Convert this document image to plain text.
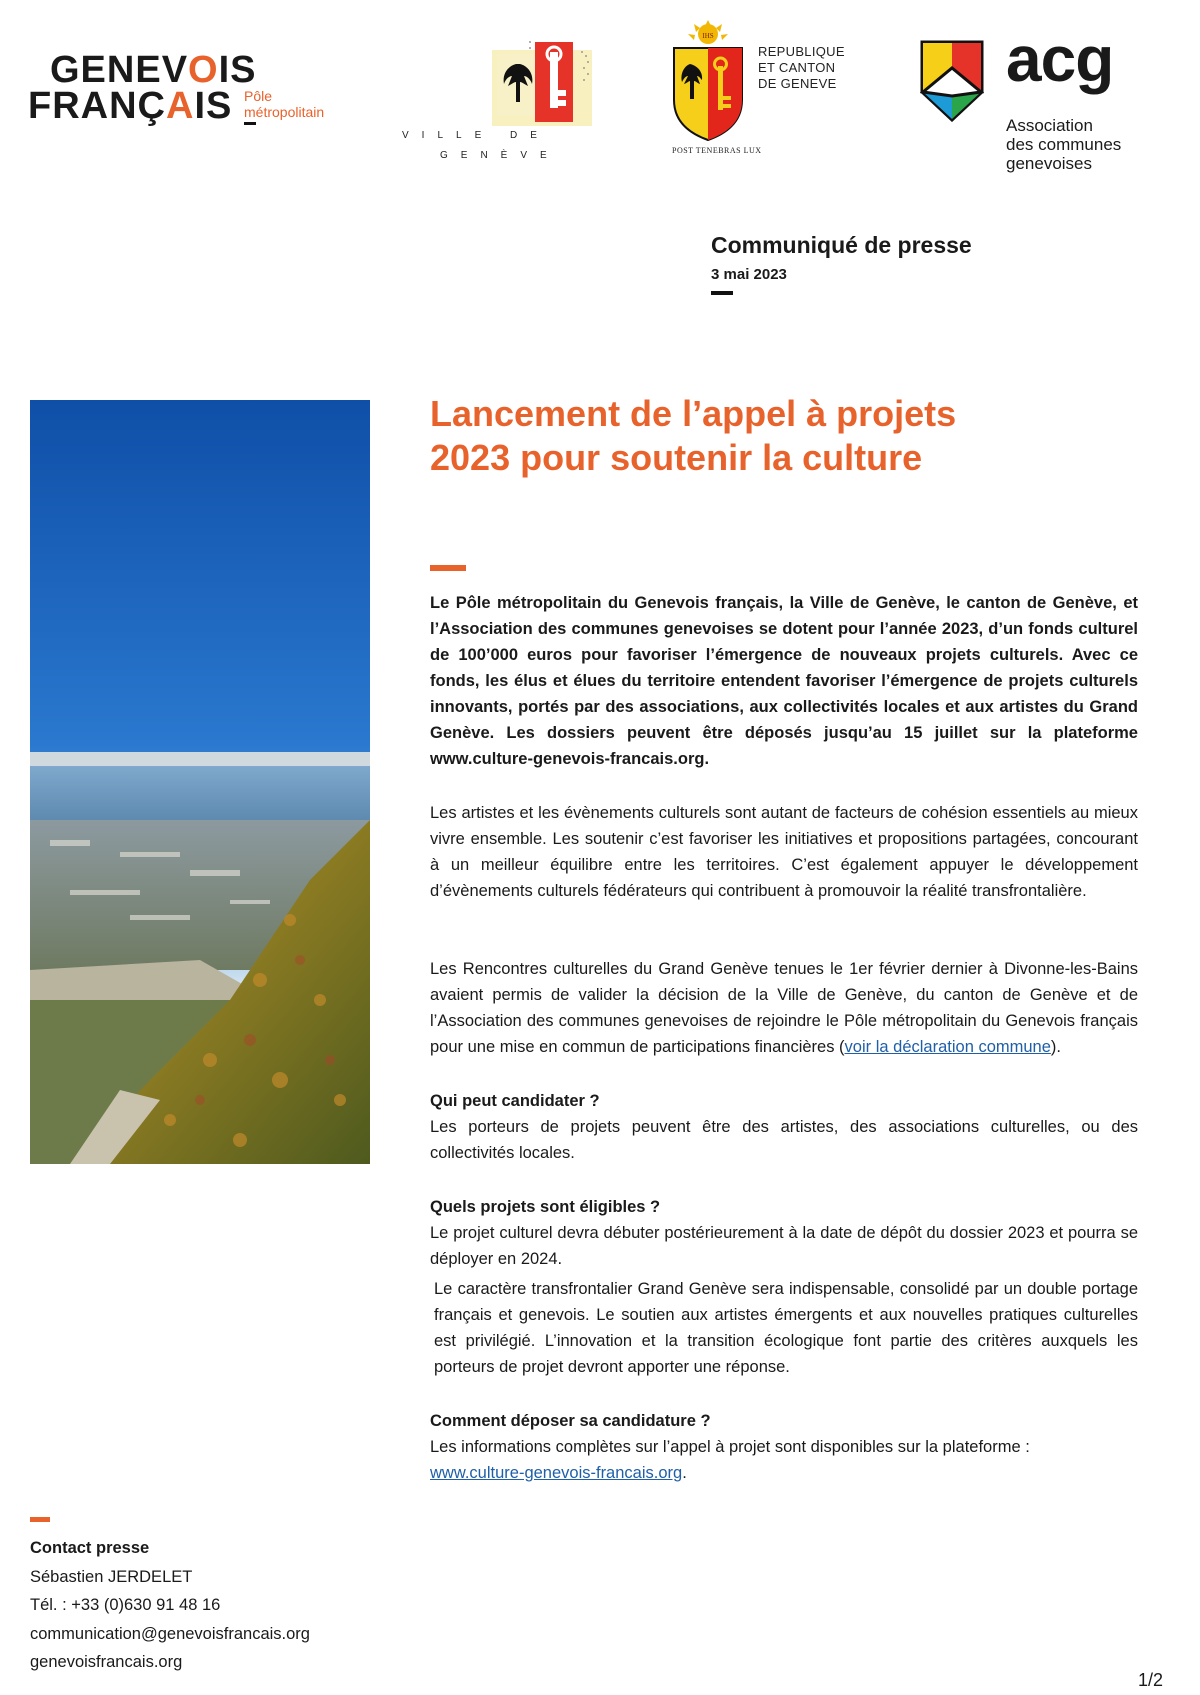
GENEVOIS
FRANÇAIS Pôle
métropolitain
VILLE DE
GENÈVE
IHS
REPUBLIQUE
ET CANTON
DE GENEVE
POST TENEBRAS LUX
acg
Association
des communes
genevoises
Communiqué de presse
3 mai 2023
Lancement de l’appel à projets
2023 pour soutenir la culture

Le Pôle métropolitain du Genevois français, la Ville de Genève, le canton de Genève, et l’Association des communes genevoises se dotent pour l’année 2023, d’un fonds culturel de 100’000 euros pour favoriser l’émergence de nouveaux projets culturels. Avec ce fonds, les élus et élues du territoire entendent favoriser l’émergence de projets culturels innovants, portés par des associations, aux collectivités locales et aux artistes du Grand Genève. Les dossiers peuvent être déposés jusqu’au 15 juillet sur la plateforme www.culture-genevois-francais.org.

Les artistes et les évènements culturels sont autant de facteurs de cohésion essentiels au mieux vivre ensemble. Les soutenir c’est favoriser les initiatives et propositions partagées, concourant à un meilleur équilibre entre les territoires. C’est également appuyer le développement d’évènements culturels fédérateurs qui contribuent à promouvoir la réalité transfrontalière.

Les Rencontres culturelles du Grand Genève tenues le 1er février dernier à Divonne-les-Bains avaient permis de valider la décision de la Ville de Genève, du canton de Genève et de l’Association des communes genevoises de rejoindre le Pôle métropolitain du Genevois français pour une mise en commun de participations financières (voir la déclaration commune).

Qui peut candidater ?

Les porteurs de projets peuvent être des artistes, des associations culturelles, ou des collectivités locales.

Quels projets sont éligibles ?

Le projet culturel devra débuter postérieurement à la date de dépôt du dossier 2023 et pourra se déployer en 2024.

Le caractère transfrontalier Grand Genève sera indispensable, consolidé par un double portage français et genevois. Le soutien aux artistes émergents et aux nouvelles pratiques culturelles est privilégié. L’innovation et la transition écologique font partie des critères auxquels les porteurs de projet devront apporter une réponse.

Comment déposer sa candidature ?

Les informations complètes sur l’appel à projet sont disponibles sur la plateforme :

www.culture-genevois-francais.org.

Contact presse
Sébastien JERDELET
Tél. : +33 (0)630 91 48 16
communication@genevoisfrancais.org
genevoisfrancais.org
1/2
